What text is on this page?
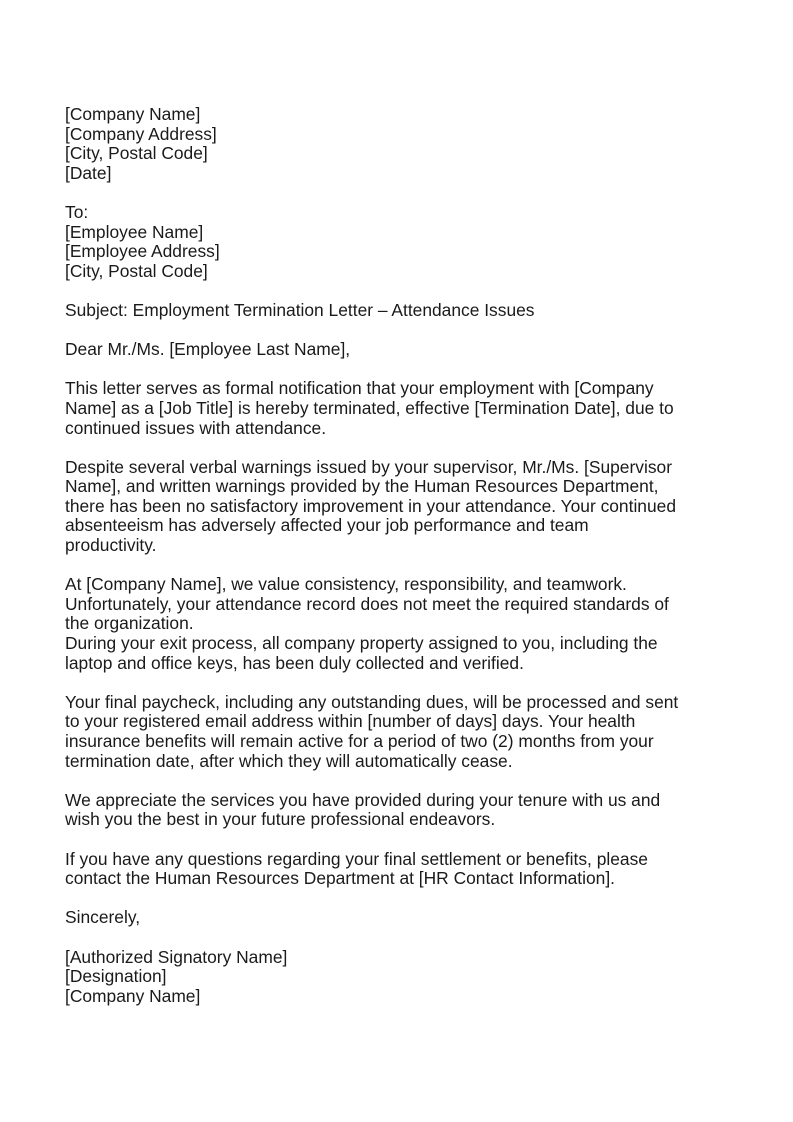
[Company Name]
[Company Address]
[City, Postal Code]
[Date]
To:
[Employee Name]
[Employee Address]
[City, Postal Code]
Subject: Employment Termination Letter – Attendance Issues
Dear Mr./Ms. [Employee Last Name],
This letter serves as formal notification that your employment with [Company
Name] as a [Job Title] is hereby terminated, effective [Termination Date], due to
continued issues with attendance.
Despite several verbal warnings issued by your supervisor, Mr./Ms. [Supervisor
Name], and written warnings provided by the Human Resources Department,
there has been no satisfactory improvement in your attendance. Your continued
absenteeism has adversely affected your job performance and team
productivity.
At [Company Name], we value consistency, responsibility, and teamwork.
Unfortunately, your attendance record does not meet the required standards of
the organization.
During your exit process, all company property assigned to you, including the
laptop and office keys, has been duly collected and verified.
Your final paycheck, including any outstanding dues, will be processed and sent
to your registered email address within [number of days] days. Your health
insurance benefits will remain active for a period of two (2) months from your
termination date, after which they will automatically cease.
We appreciate the services you have provided during your tenure with us and
wish you the best in your future professional endeavors.
If you have any questions regarding your final settlement or benefits, please
contact the Human Resources Department at [HR Contact Information].
Sincerely,
[Authorized Signatory Name]
[Designation]
[Company Name]
